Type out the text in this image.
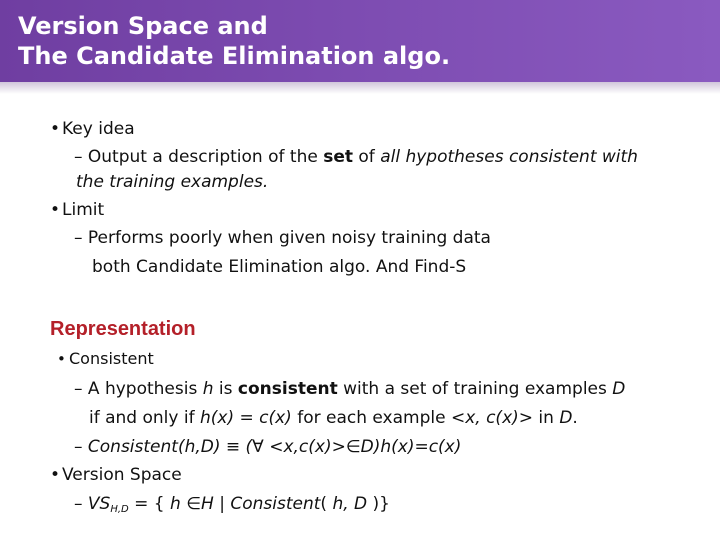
Version Space and
The Candidate Elimination algo.
• Key idea
– Output a description of the set of all hypotheses consistent with
the training examples.
• Limit
– Performs poorly when given noisy training data
both Candidate Elimination algo. And Find-S
Representation
• Consistent
– A hypothesis h is consistent with a set of training examples D
if and only if h(x) = c(x) for each example <x, c(x)> in D.
– Consistent(h,D) ≡ (∀ <x,c(x)>∈D)h(x)=c(x)
• Version Space
– $VS_{H,D}$ = { h ∈H | Consistent( h, D )}
